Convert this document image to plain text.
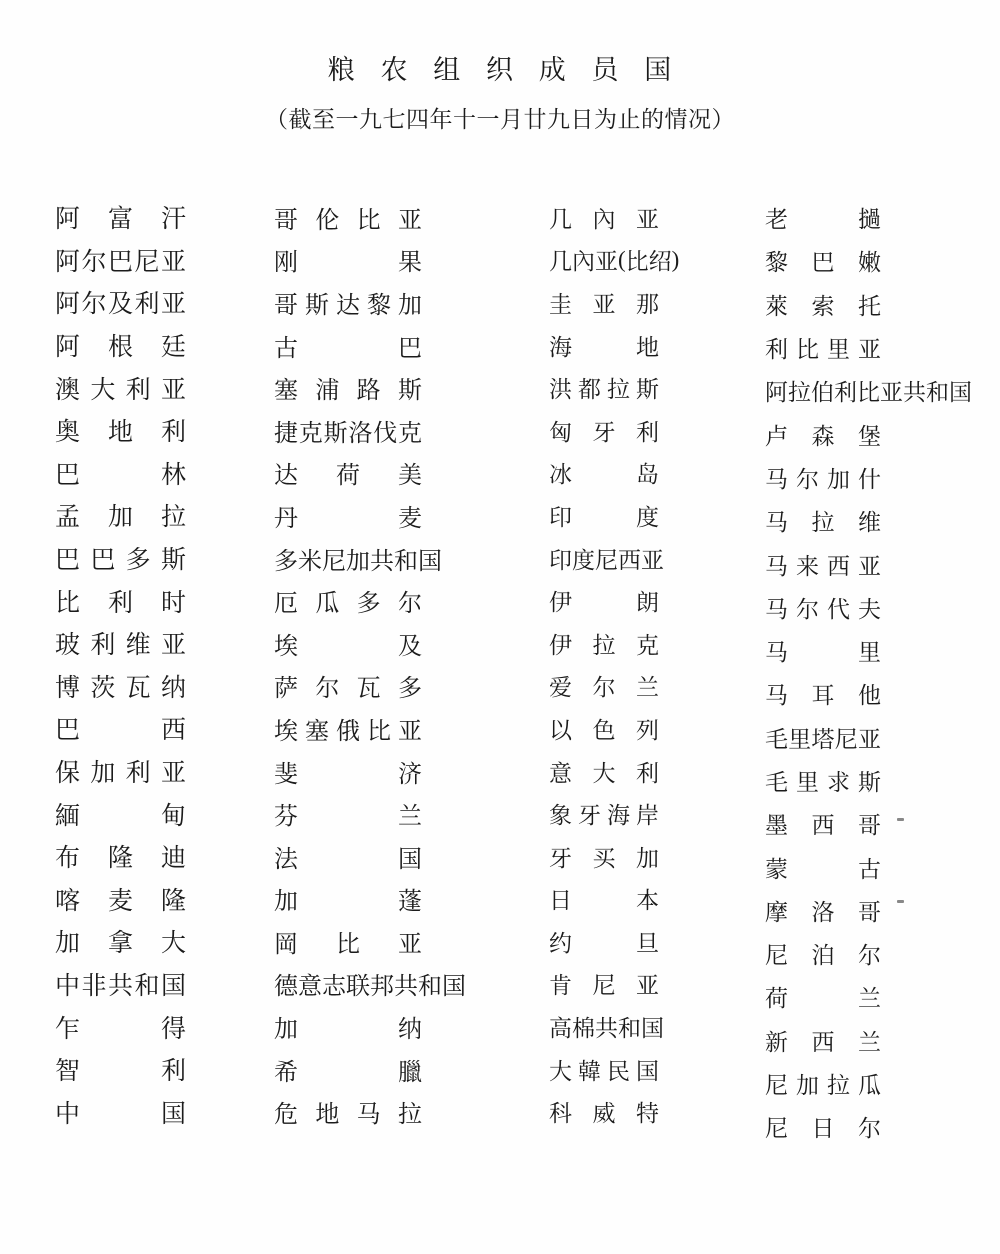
粮 农 组 织 成 员 国
（截至一九七四年十一月廿九日为止的情况）
阿 富 汗
阿 尔 巴 尼 亚
阿 尔 及 利 亚
阿 根 廷
澳 大 利 亚
奥 地 利
巴	林
孟 加 拉
巴 巴 多 斯
比 利 时
玻 利 维 亚
博 茨 瓦 纳
巴	西
保 加 利 亚
緬	甸
布 隆 迪
喀 麦 隆
加 拿 大
中 非 共 和 国
乍	得
智	利
中	国
哥 伦 比 亚
刚	果
哥 斯 达 黎 加
古	巴
塞 浦 路 斯
捷 克 斯 洛 伐 克
达 荷 美
丹	麦
多 米 尼 加 共 和 国
厄 瓜 多 尔
埃	及
萨 尔 瓦 多
埃 塞 俄 比 亚
斐	济
芬	兰
法	国
加	蓬
岡 比 亚
德 意 志 联 邦 共 和 国
加	纳
希	臘
危 地 马 拉
几 內 亚
几 內 亚 ( 比 绍 )
圭 亚 那
海	地
洪 都 拉 斯
匈 牙 利
冰	岛
印	度
印 度 尼 西 亚
伊	朗
伊 拉 克
爱 尔 兰
以 色 列
意 大 利
象 牙 海 岸
牙 买 加
日	本
约	旦
肯 尼 亚
高 棉 共 和 国
大 韓 民 国
科 威 特
老	撾
黎 巴 嫩
萊 索 托
利 比 里 亚
阿 拉 伯 利 比 亚 共 和 国
卢 森 堡
马 尔 加 什
马 拉 维
马 来 西 亚
马 尔 代 夫
马	里
马 耳 他
毛 里 塔 尼 亚
毛 里 求 斯
墨 西 哥
蒙	古
摩 洛 哥
尼 泊 尔
荷	兰
新 西 兰
尼 加 拉 瓜
尼 日 尔
